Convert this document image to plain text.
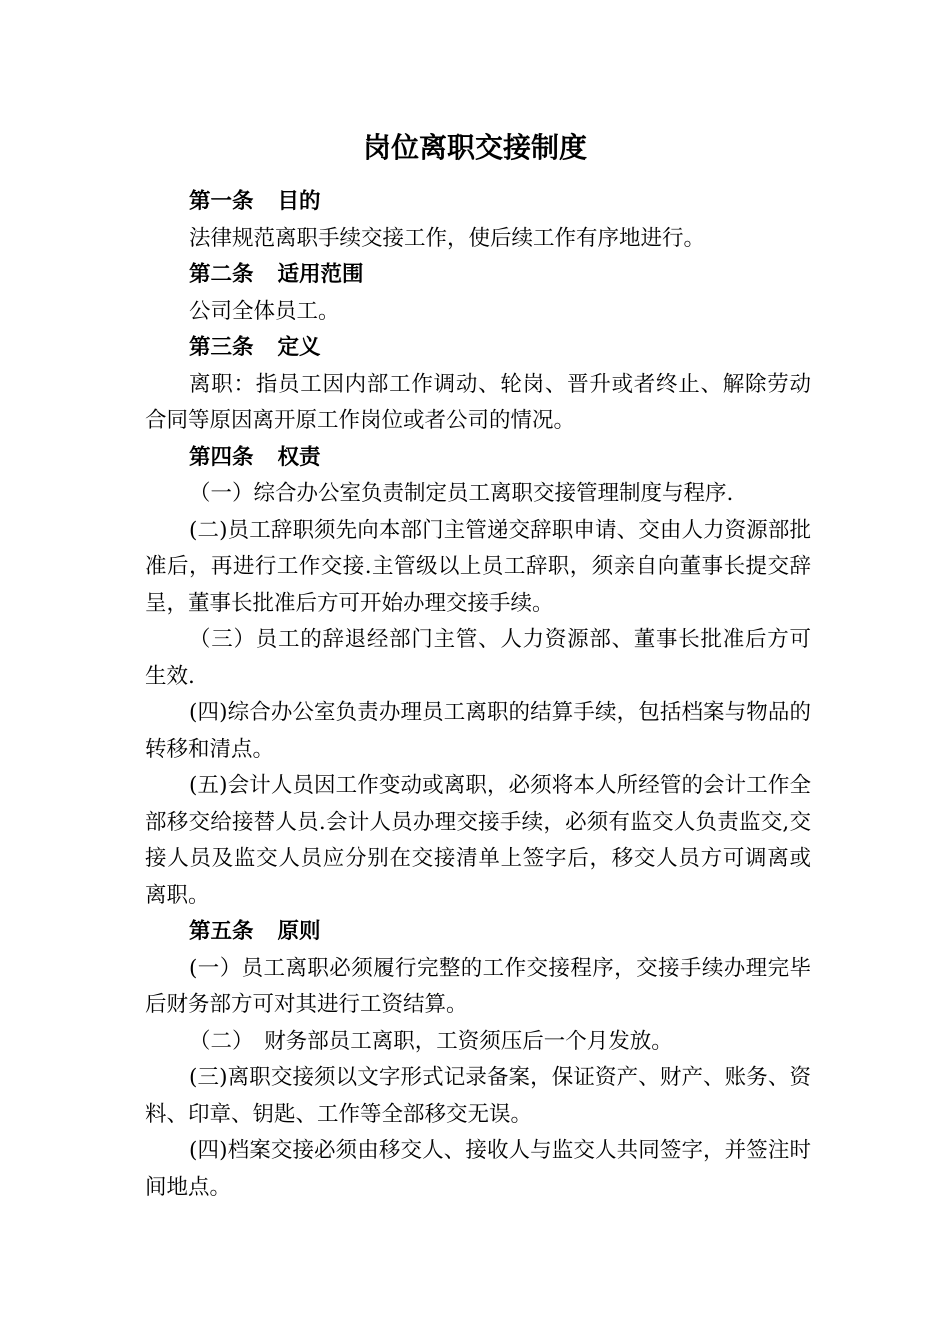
岗位离职交接制度

第一条 目的

法律规范离职手续交接工作，使后续工作有序地进行。

第二条 适用范围

公司全体员工。

第三条 定义

离职：指员工因内部工作调动、轮岗、晋升或者终止、解除劳动合同等原因离开原工作岗位或者公司的情况。

第四条 权责

（一）综合办公室负责制定员工离职交接管理制度与程序.

(二)员工辞职须先向本部门主管递交辞职申请、交由人力资源部批准后，再进行工作交接.主管级以上员工辞职，须亲自向董事长提交辞呈，董事长批准后方可开始办理交接手续。

（三）员工的辞退经部门主管、人力资源部、董事长批准后方可生效.

(四)综合办公室负责办理员工离职的结算手续，包括档案与物品的转移和清点。

(五)会计人员因工作变动或离职，必须将本人所经管的会计工作全部移交给接替人员.会计人员办理交接手续，必须有监交人负责监交,交接人员及监交人员应分别在交接清单上签字后，移交人员方可调离或离职。

第五条 原则

(一）员工离职必须履行完整的工作交接程序，交接手续办理完毕后财务部方可对其进行工资结算。

（二）　财务部员工离职，工资须压后一个月发放。

(三)离职交接须以文字形式记录备案，保证资产、财产、账务、资料、印章、钥匙、工作等全部移交无误。

(四)档案交接必须由移交人、接收人与监交人共同签字，并签注时间地点。
